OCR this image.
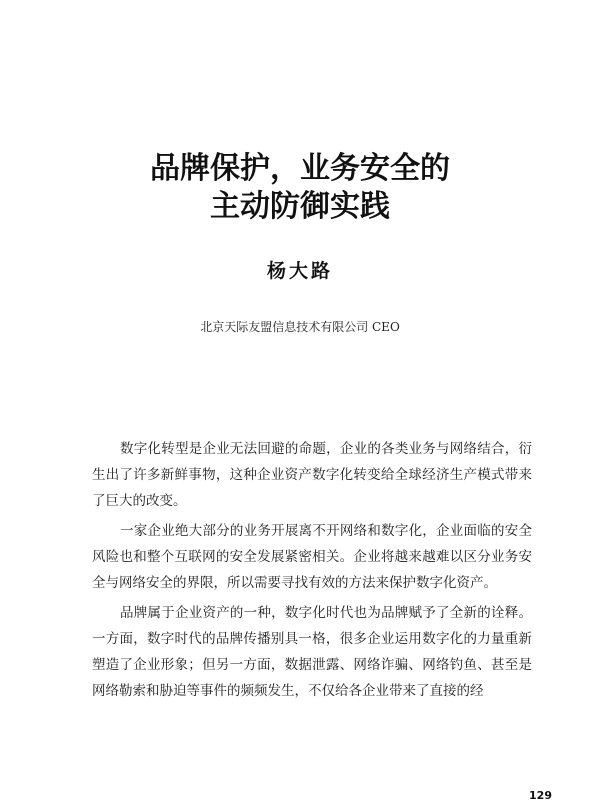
品牌保护，业务安全的
主动防御实践
杨大路
北京天际友盟信息技术有限公司 CEO

数字化转型是企业无法回避的命题，企业的各类业务与网络结合，衍生出了许多新鲜事物，这种企业资产数字化转变给全球经济生产模式带来了巨大的改变。

一家企业绝大部分的业务开展离不开网络和数字化，企业面临的安全风险也和整个互联网的安全发展紧密相关。企业将越来越难以区分业务安全与网络安全的界限，所以需要寻找有效的方法来保护数字化资产。

品牌属于企业资产的一种，数字化时代也为品牌赋予了全新的诠释。一方面，数字时代的品牌传播别具一格，很多企业运用数字化的力量重新塑造了企业形象；但另一方面，数据泄露、网络诈骗、网络钓鱼、甚至是网络勒索和胁迫等事件的频频发生，不仅给各企业带来了直接的经

129
